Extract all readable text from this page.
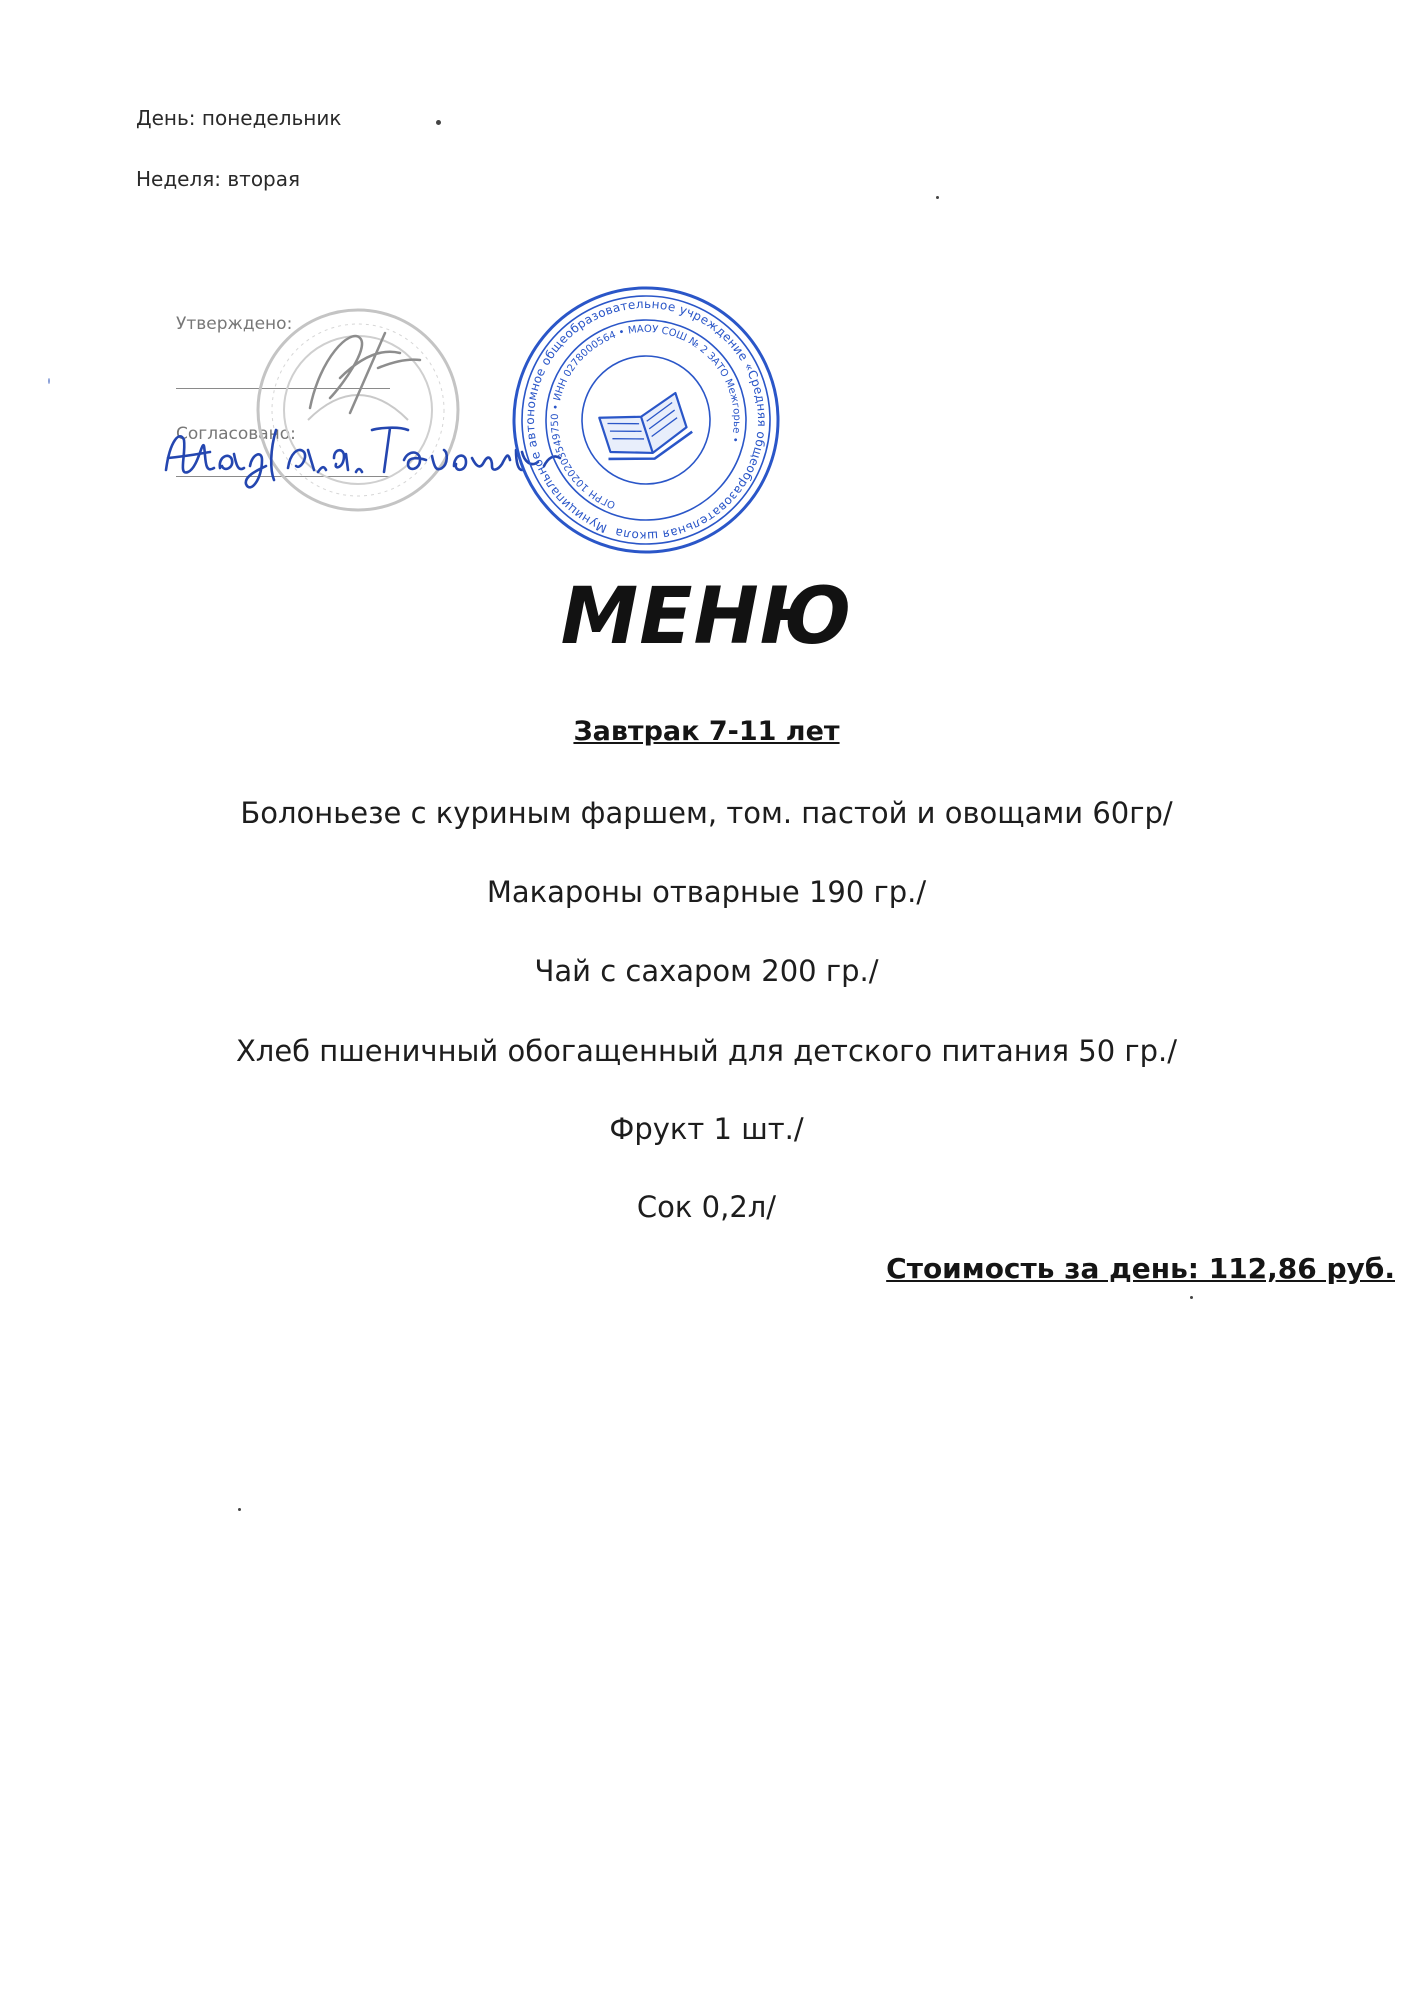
День: понедельник
Неделя: вторая
Утверждено:
Согласовано:
Муниципальное автономное общеобразовательное учреждение «Средняя общеобразовательная школа № 2» ЗАТО Межгорье Республики Башкортостан	ОГРН 1020203549750 • ИНН 0278000564 • МАОУ СОШ № 2 ЗАТО Межгорье •
МЕНЮ
Завтрак 7-11 лет
Болоньезе с куриным фаршем, том. пастой и овощами 60гр/
Макароны отварные 190 гр./
Чай с сахаром 200 гр./
Хлеб пшеничный обогащенный для детского питания 50 гр./
Фрукт 1 шт./
Сок 0,2л/
Стоимость за день: 112,86 руб.
